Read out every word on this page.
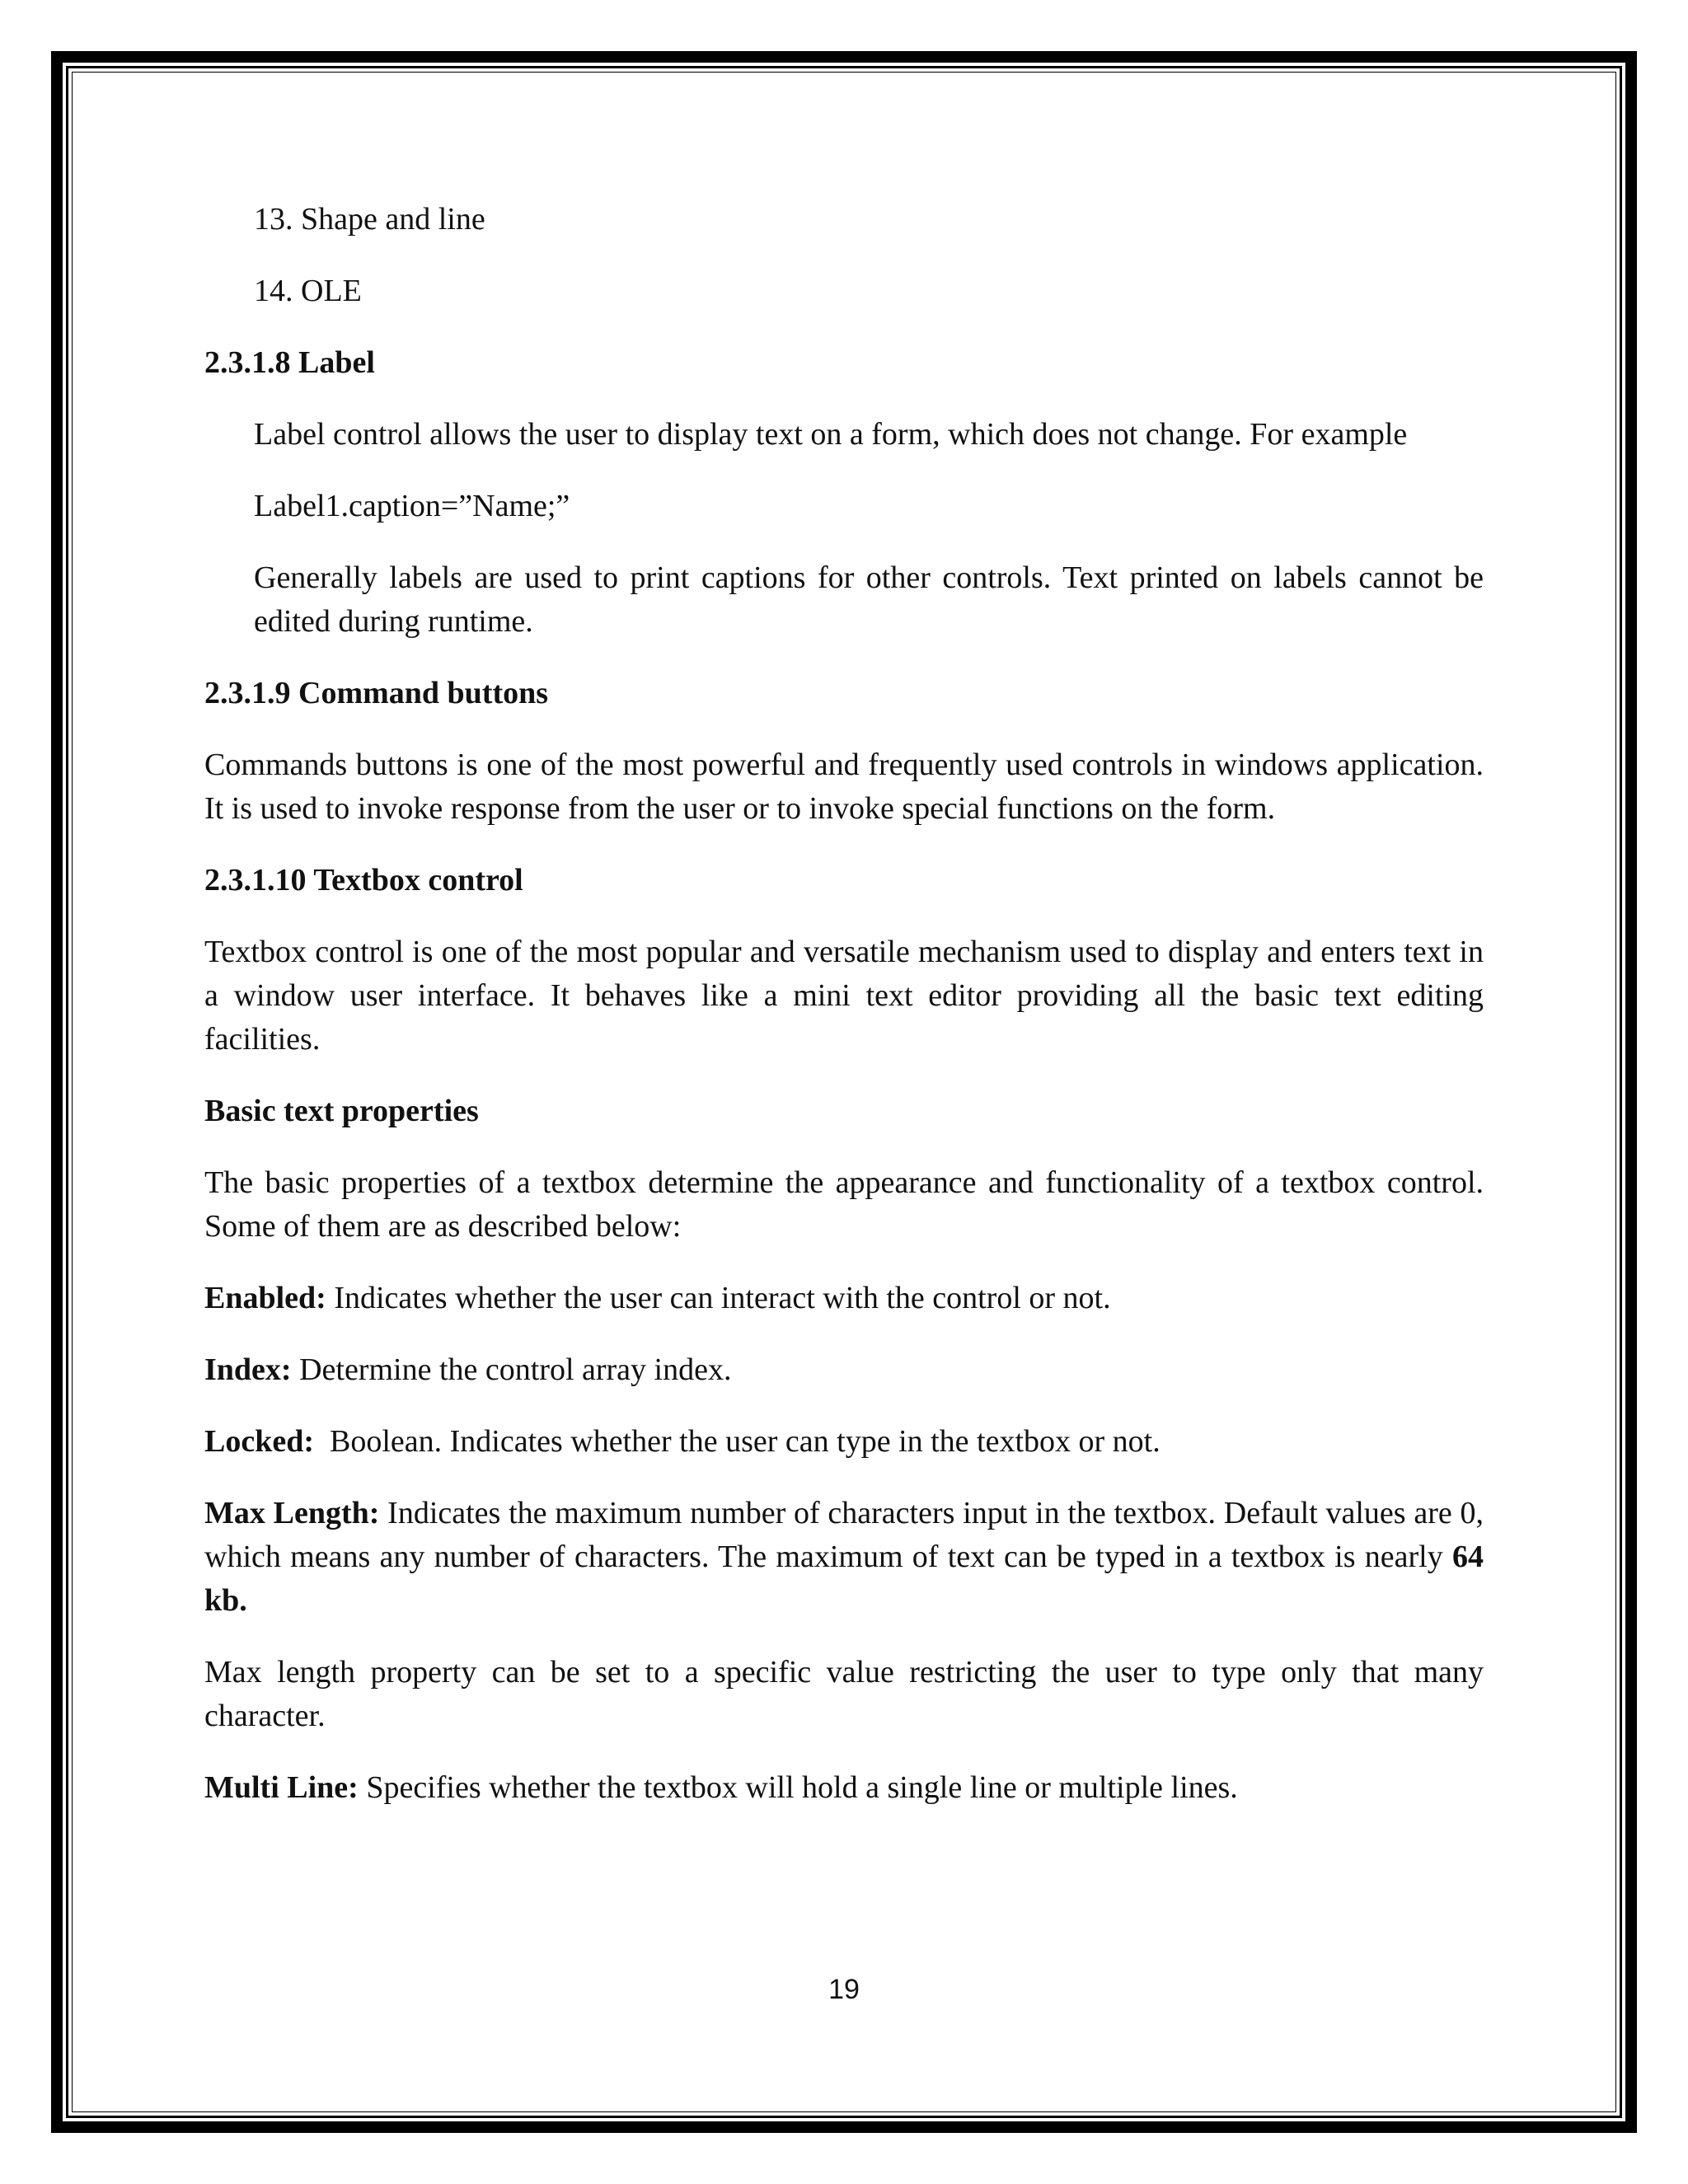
13. Shape and line
14. OLE
2.3.1.8 Label

Label control allows the user to display text on a form, which does not change. For example

Label1.caption=”Name;”

Generally labels are used to print captions for other controls. Text printed on labels cannot be edited during runtime.

2.3.1.9 Command buttons

Commands buttons is one of the most powerful and frequently used controls in windows application. It is used to invoke response from the user or to invoke special functions on the form.

2.3.1.10 Textbox control

Textbox control is one of the most popular and versatile mechanism used to display and enters text in a window user interface. It behaves like a mini text editor providing all the basic text editing facilities.

Basic text properties

The basic properties of a textbox determine the appearance and functionality of a textbox control. Some of them are as described below:

Enabled: Indicates whether the user can interact with the control or not.

Index: Determine the control array index.

Locked:  Boolean. Indicates whether the user can type in the textbox or not.

Max Length: Indicates the maximum number of characters input in the textbox. Default values are 0, which means any number of characters. The maximum of text can be typed in a textbox is nearly 64 kb.

Max length property can be set to a specific value restricting the user to type only that many character.

Multi Line: Specifies whether the textbox will hold a single line or multiple lines.

19
